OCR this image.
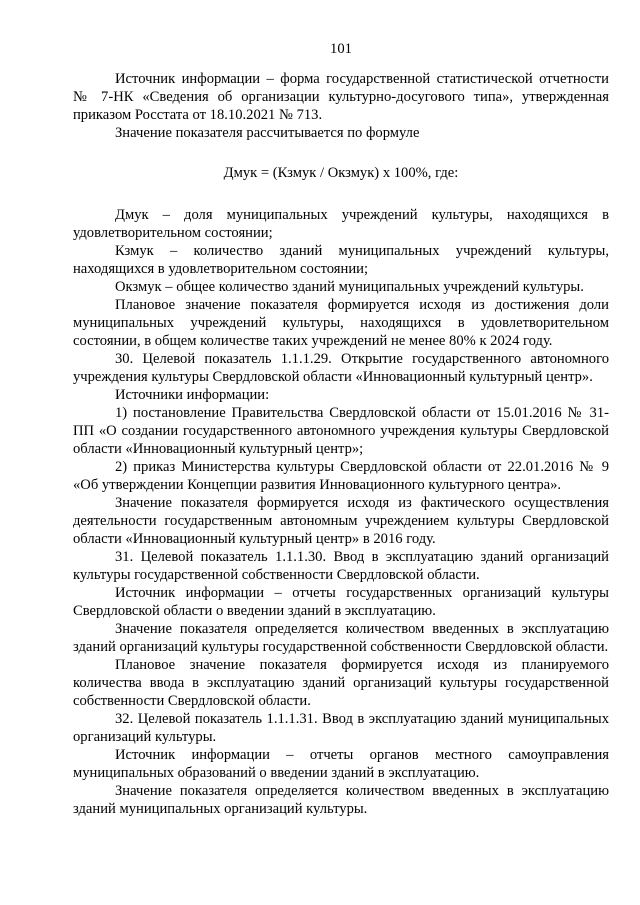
101

Источник информации – форма государственной статистической отчетности № 7-НК «Сведения об организации культурно-досугового типа», утвержденная приказом Росстата от 18.10.2021 № 713.

Значение показателя рассчитывается по формуле

Дмук = (Кзмук / Окзмук) х 100%, где:

Дмук – доля муниципальных учреждений культуры, находящихся в удовлетворительном состоянии;

Кзмук – количество зданий муниципальных учреждений культуры, находящихся в удовлетворительном состоянии;

Окзмук – общее количество зданий муниципальных учреждений культуры.

Плановое значение показателя формируется исходя из достижения доли муниципальных учреждений культуры, находящихся в удовлетворительном состоянии, в общем количестве таких учреждений не менее 80% к 2024 году.

30. Целевой показатель 1.1.1.29. Открытие государственного автономного учреждения культуры Свердловской области «Инновационный культурный центр».

Источники информации:

1) постановление Правительства Свердловской области от 15.01.2016 № 31-ПП «О создании государственного автономного учреждения культуры Свердловской области «Инновационный культурный центр»;

2) приказ Министерства культуры Свердловской области от 22.01.2016 № 9 «Об утверждении Концепции развития Инновационного культурного центра».

Значение показателя формируется исходя из фактического осуществления деятельности государственным автономным учреждением культуры Свердловской области «Инновационный культурный центр» в 2016 году.

31. Целевой показатель 1.1.1.30. Ввод в эксплуатацию зданий организаций культуры государственной собственности Свердловской области.

Источник информации – отчеты государственных организаций культуры Свердловской области о введении зданий в эксплуатацию.

Значение показателя определяется количеством введенных в эксплуатацию зданий организаций культуры государственной собственности Свердловской области.

Плановое значение показателя формируется исходя из планируемого количества ввода в эксплуатацию зданий организаций культуры государственной собственности Свердловской области.

32. Целевой показатель 1.1.1.31. Ввод в эксплуатацию зданий муниципальных организаций культуры.

Источник информации – отчеты органов местного самоуправления муниципальных образований о введении зданий в эксплуатацию.

Значение показателя определяется количеством введенных в эксплуатацию зданий муниципальных организаций культуры.
